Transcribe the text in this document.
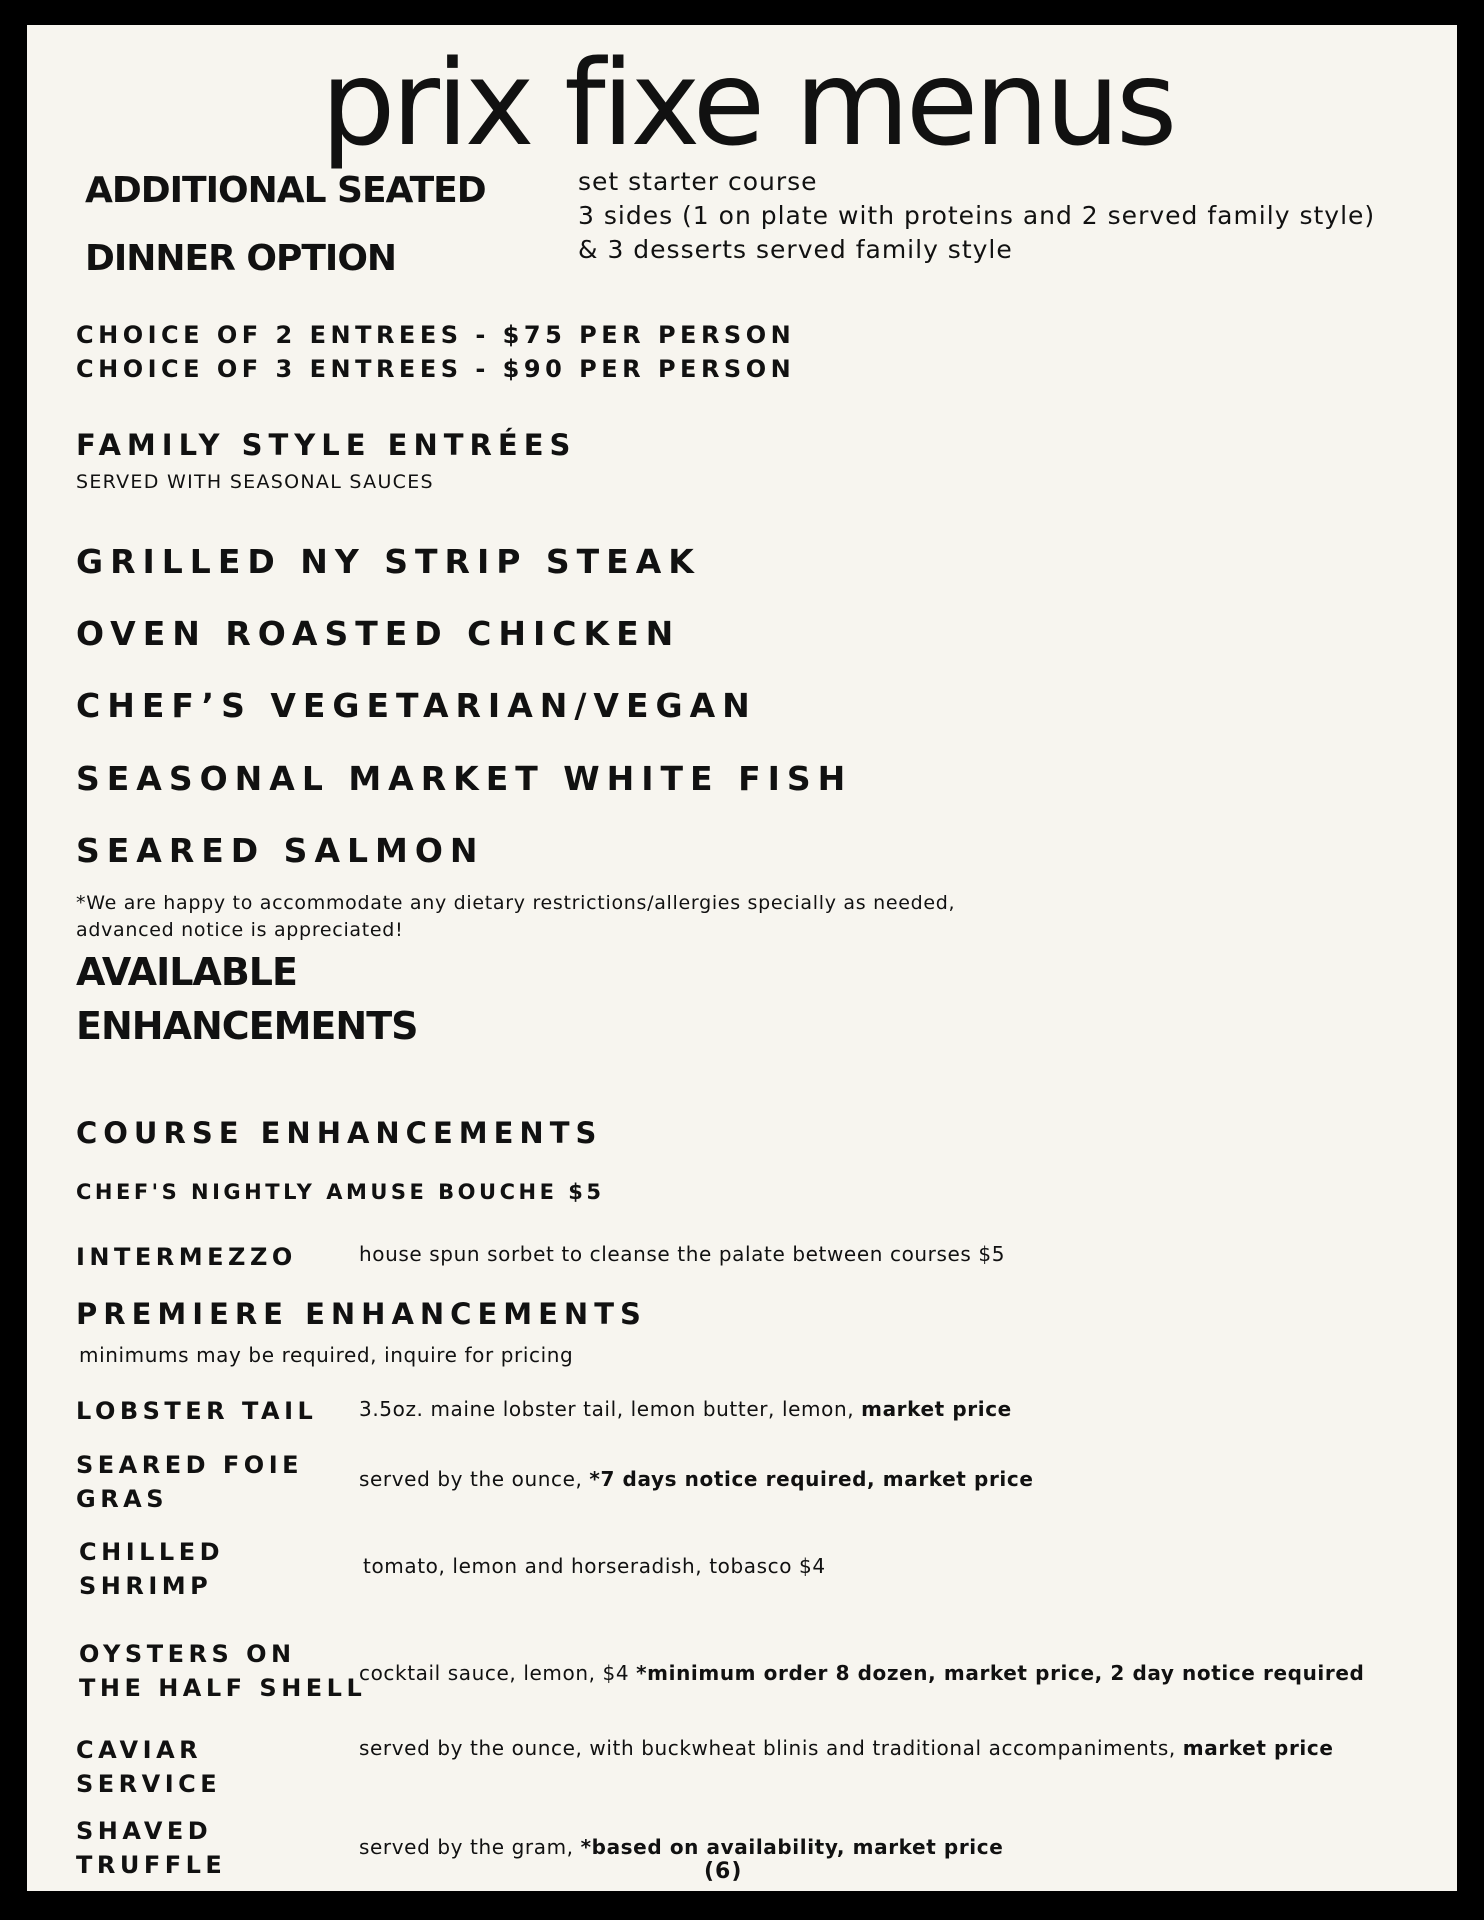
prix fixe menus
ADDITIONAL SEATED
DINNER OPTION
set starter course
3 sides (1 on plate with proteins and 2 served family style)
& 3 desserts served family style
CHOICE OF 2 ENTREES - $75 PER PERSON
CHOICE OF 3 ENTREES - $90 PER PERSON
FAMILY STYLE ENTRÉES
SERVED WITH SEASONAL SAUCES
GRILLED NY STRIP STEAK
OVEN ROASTED CHICKEN
CHEF’S VEGETARIAN/VEGAN
SEASONAL MARKET WHITE FISH
SEARED SALMON
*We are happy to accommodate any dietary restrictions/allergies specially as needed,
advanced notice is appreciated!
AVAILABLE
ENHANCEMENTS
COURSE ENHANCEMENTS
CHEF'S NIGHTLY AMUSE BOUCHE $5
INTERMEZZO	house spun sorbet to cleanse the palate between courses $5
PREMIERE ENHANCEMENTS
minimums may be required, inquire for pricing
LOBSTER TAIL 3.5oz. maine lobster tail, lemon butter, lemon, market price
SEARED FOIE GRAS
served by the ounce, *7 days notice required, market price
CHILLED SHRIMP
tomato, lemon and horseradish, tobasco $4
OYSTERS ON THE HALF SHELL
cocktail sauce, lemon, $4 *minimum order 8 dozen, market price, 2 day notice required
CAVIAR SERVICE
served by the ounce, with buckwheat blinis and traditional accompaniments, market price
SHAVED TRUFFLE
served by the gram, *based on availability, market price
(6)
